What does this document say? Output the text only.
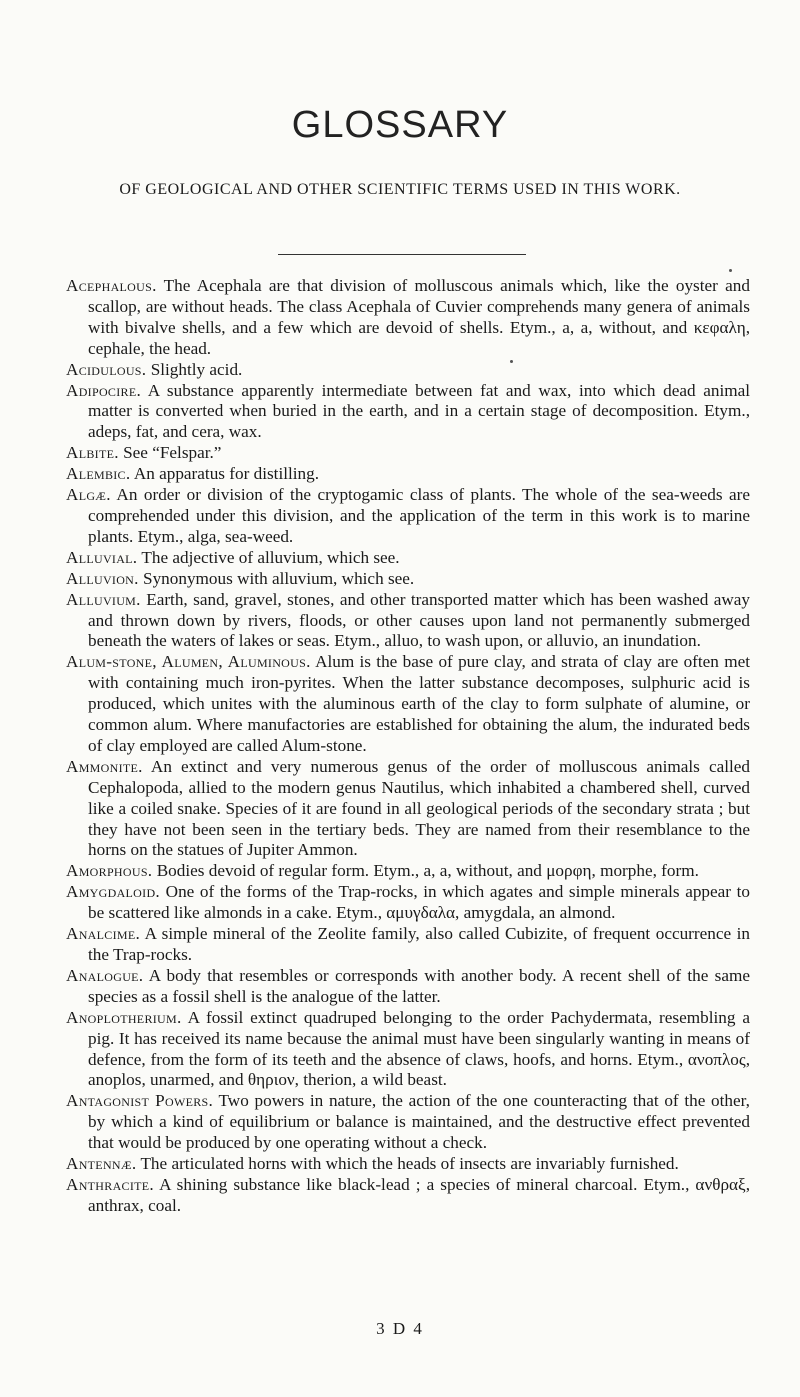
GLOSSARY
OF GEOLOGICAL AND OTHER SCIENTIFIC TERMS USED IN THIS WORK.

Acephalous. The Acephala are that division of molluscous animals which, like the oyster and scallop, are without heads. The class Acephala of Cuvier comprehends many genera of animals with bivalve shells, and a few which are devoid of shells. Etym., a, a, without, and κεφαλη, cephale, the head.

Acidulous. Slightly acid.

Adipocire. A substance apparently intermediate between fat and wax, into which dead animal matter is converted when buried in the earth, and in a certain stage of decomposition. Etym., adeps, fat, and cera, wax.

Albite. See “Felspar.”

Alembic. An apparatus for distilling.

Algæ. An order or division of the cryptogamic class of plants. The whole of the sea-weeds are comprehended under this division, and the application of the term in this work is to marine plants. Etym., alga, sea-weed.

Alluvial. The adjective of alluvium, which see.

Alluvion. Synonymous with alluvium, which see.

Alluvium. Earth, sand, gravel, stones, and other transported matter which has been washed away and thrown down by rivers, floods, or other causes upon land not permanently submerged beneath the waters of lakes or seas. Etym., alluo, to wash upon, or alluvio, an inundation.

Alum-stone, Alumen, Aluminous. Alum is the base of pure clay, and strata of clay are often met with containing much iron-pyrites. When the latter substance decomposes, sulphuric acid is produced, which unites with the aluminous earth of the clay to form sulphate of alumine, or common alum. Where manufactories are established for obtaining the alum, the indurated beds of clay employed are called Alum-stone.

Ammonite. An extinct and very numerous genus of the order of molluscous animals called Cephalopoda, allied to the modern genus Nautilus, which inhabited a chambered shell, curved like a coiled snake. Species of it are found in all geological periods of the secondary strata ; but they have not been seen in the tertiary beds. They are named from their resemblance to the horns on the statues of Jupiter Ammon.

Amorphous. Bodies devoid of regular form. Etym., a, a, without, and μορφη, morphe, form.

Amygdaloid. One of the forms of the Trap-rocks, in which agates and simple minerals appear to be scattered like almonds in a cake. Etym., αμυγδαλα, amygdala, an almond.

Analcime. A simple mineral of the Zeolite family, also called Cubizite, of frequent occurrence in the Trap-rocks.

Analogue. A body that resembles or corresponds with another body. A recent shell of the same species as a fossil shell is the analogue of the latter.

Anoplotherium. A fossil extinct quadruped belonging to the order Pachydermata, resembling a pig. It has received its name because the animal must have been singularly wanting in means of defence, from the form of its teeth and the absence of claws, hoofs, and horns. Etym., ανοπλος, anoplos, unarmed, and θηριον, therion, a wild beast.

Antagonist Powers. Two powers in nature, the action of the one counteracting that of the other, by which a kind of equilibrium or balance is maintained, and the destructive effect prevented that would be produced by one operating without a check.

Antennæ. The articulated horns with which the heads of insects are invariably furnished.

Anthracite. A shining substance like black-lead ; a species of mineral charcoal. Etym., ανθραξ, anthrax, coal.

3 D 4
